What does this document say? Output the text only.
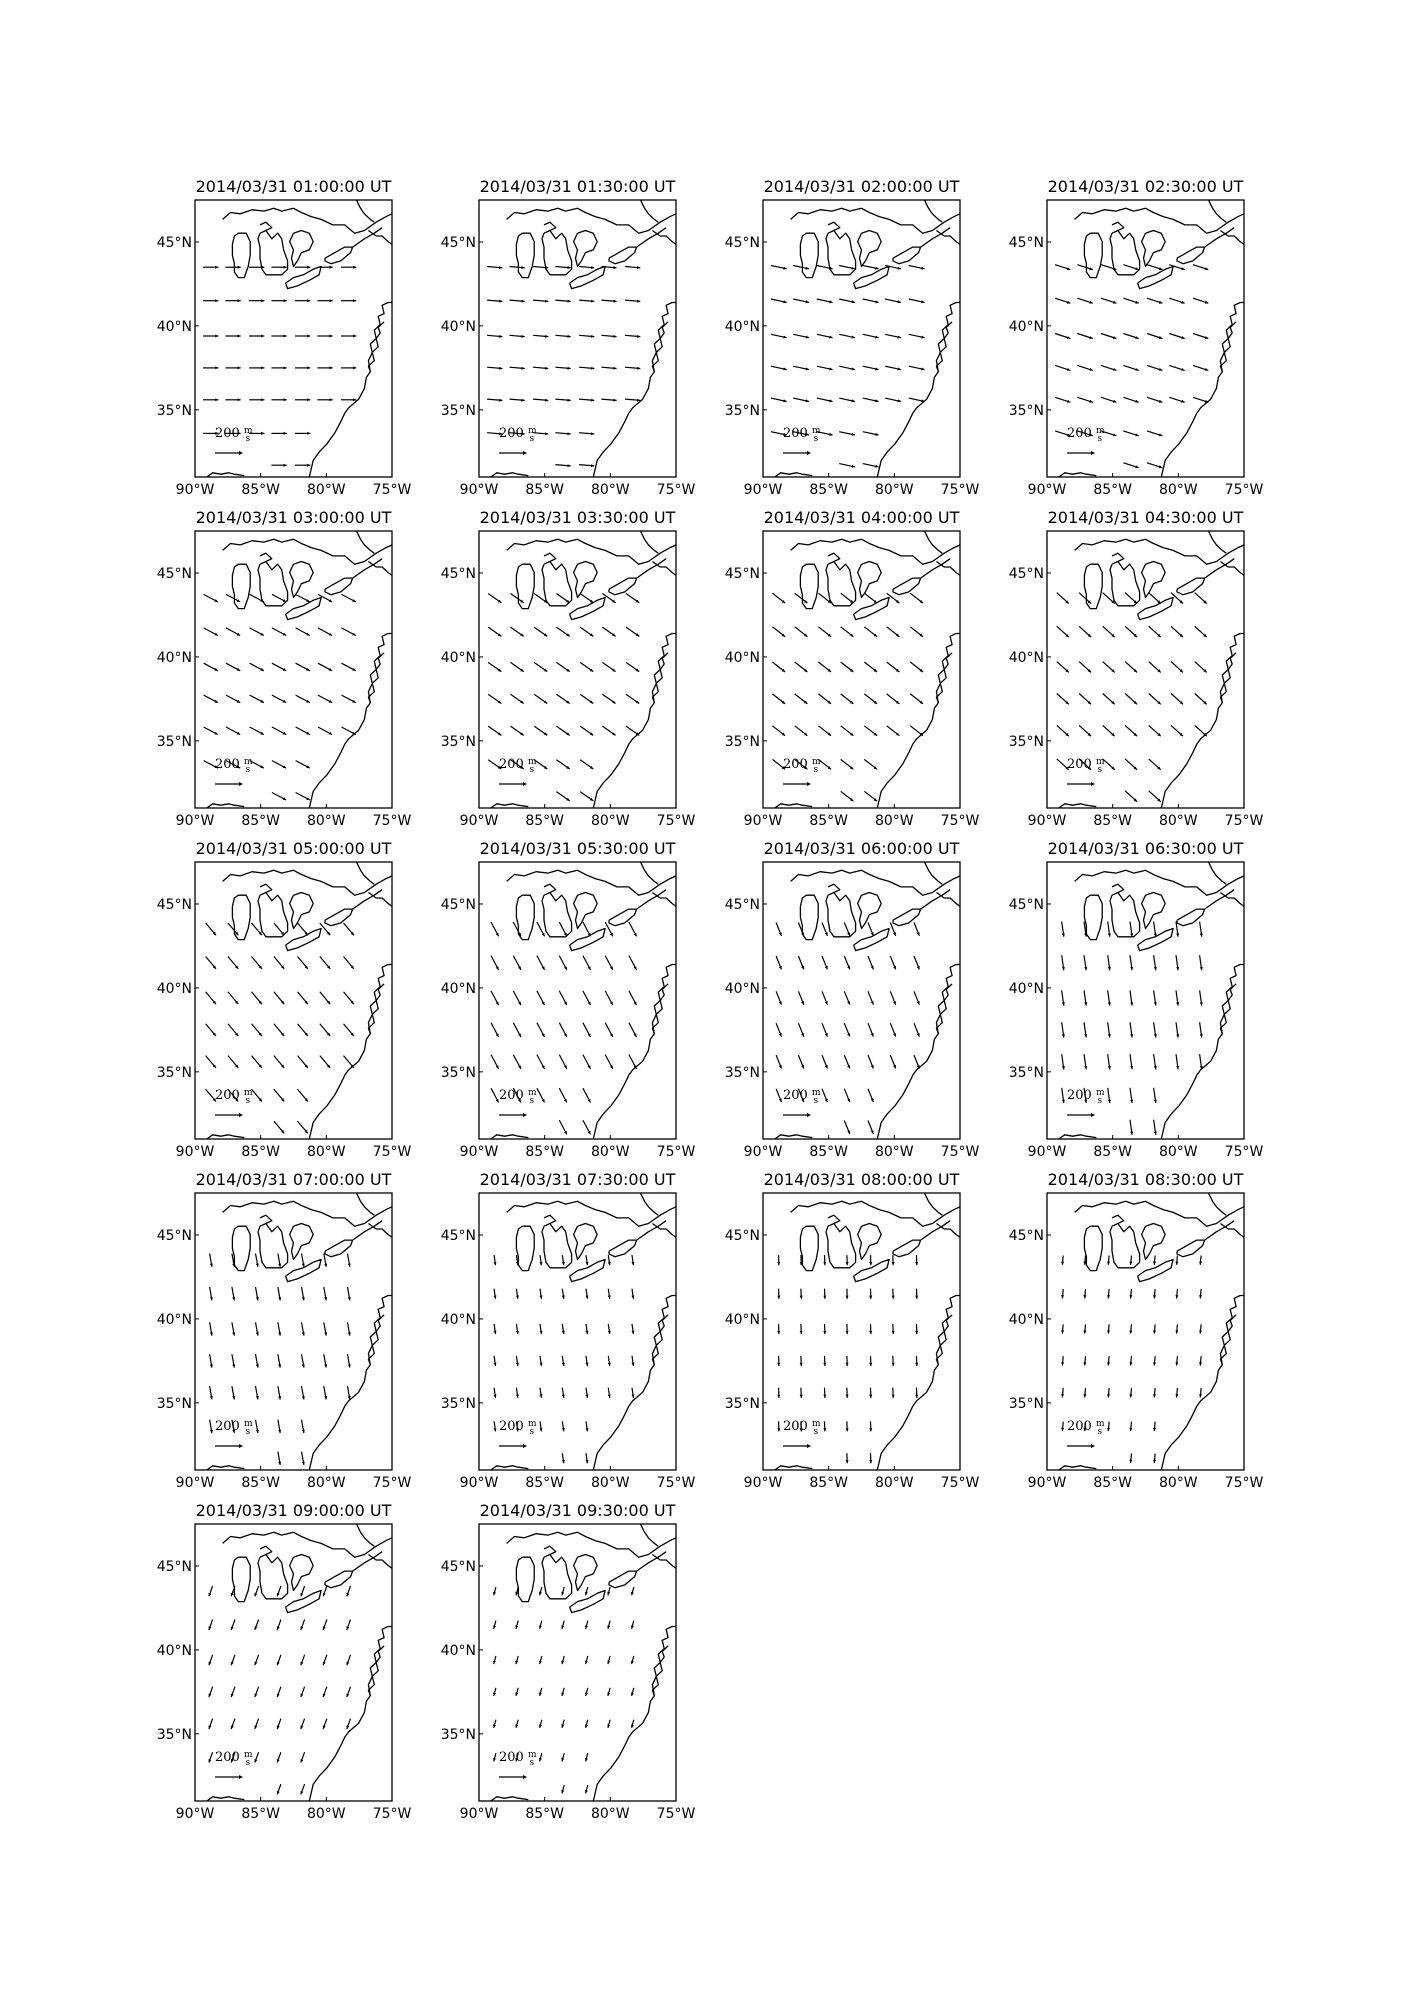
2014/03/31 01:00:00 UT
90°W 85°W 80°W 75°W
45°N
40°N
35°N
200 $^m$ s
2014/03/31 01:30:00 UT
90°W 85°W 80°W 75°W
45°N
40°N
35°N
200 $^m$ s
2014/03/31 02:00:00 UT
90°W 85°W 80°W 75°W
45°N
40°N
35°N
200 $^m$ s
2014/03/31 02:30:00 UT
90°W 85°W 80°W 75°W
45°N
40°N
35°N
200 $^m$ s
2014/03/31 03:00:00 UT
90°W 85°W 80°W 75°W
45°N
40°N
35°N
200 $^m$ s
2014/03/31 03:30:00 UT
90°W 85°W 80°W 75°W
45°N
40°N
35°N
200 $^m$ s
2014/03/31 04:00:00 UT
90°W 85°W 80°W 75°W
45°N
40°N
35°N
200 $^m$ s
2014/03/31 04:30:00 UT
90°W 85°W 80°W 75°W
45°N
40°N
35°N
200 $^m$ s
2014/03/31 05:00:00 UT
90°W 85°W 80°W 75°W
45°N
40°N
35°N
200 $^m$ s
2014/03/31 05:30:00 UT
90°W 85°W 80°W 75°W
45°N
40°N
35°N
200 $^m$ s
2014/03/31 06:00:00 UT
90°W 85°W 80°W 75°W
45°N
40°N
35°N
200 $^m$ s
2014/03/31 06:30:00 UT
90°W 85°W 80°W 75°W
45°N
40°N
35°N
200 $^m$ s
2014/03/31 07:00:00 UT
90°W 85°W 80°W 75°W
45°N
40°N
35°N
200 $^m$ s
2014/03/31 07:30:00 UT
90°W 85°W 80°W 75°W
45°N
40°N
35°N
200 $^m$ s
2014/03/31 08:00:00 UT
90°W 85°W 80°W 75°W
45°N
40°N
35°N
200 $^m$ s
2014/03/31 08:30:00 UT
90°W 85°W 80°W 75°W
45°N
40°N
35°N
200 $^m$ s
2014/03/31 09:00:00 UT
90°W 85°W 80°W 75°W
45°N
40°N
35°N
200 $^m$ s
2014/03/31 09:30:00 UT
90°W 85°W 80°W 75°W
45°N
40°N
35°N
200 $^m$ s
